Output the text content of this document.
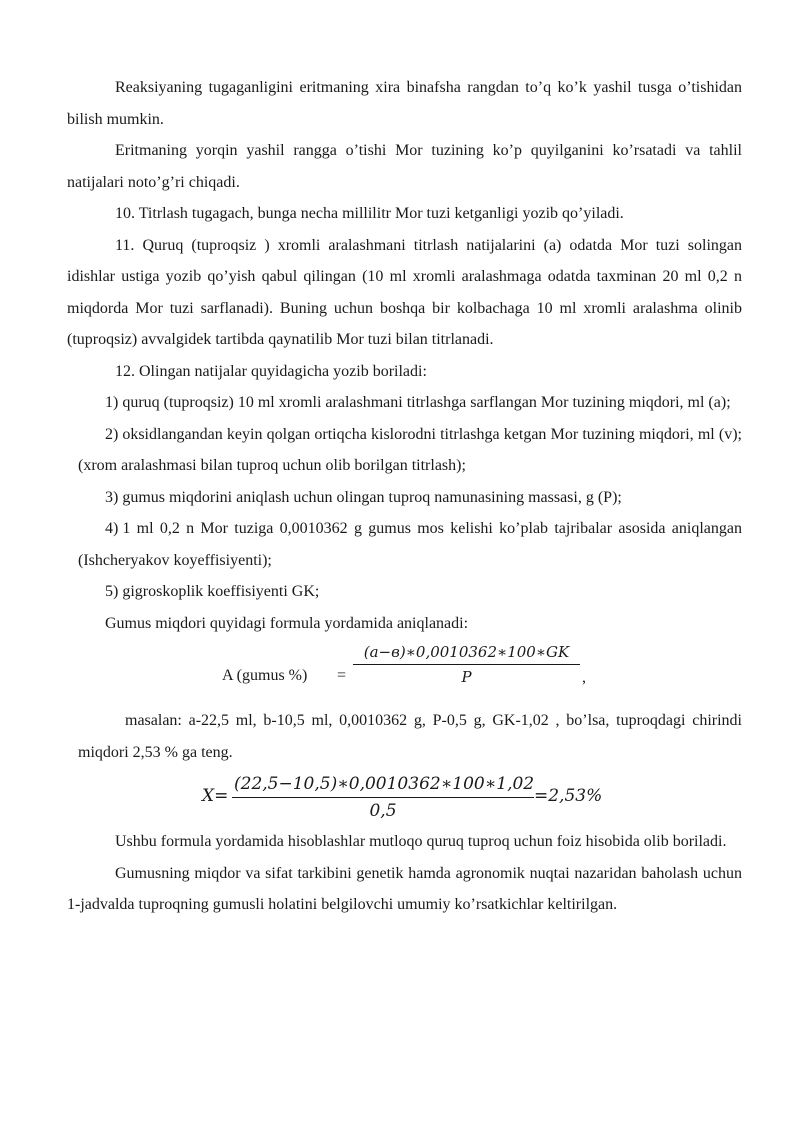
Reaksiyaning tugaganligini eritmaning xira binafsha rangdan to’q ko’k yashil tusga o’tishidan bilish mumkin.

Eritmaning yorqin yashil rangga o’tishi Mor tuzining ko’p quyilganini ko’rsatadi va tahlil natijalari noto’g’ri chiqadi.

10. Titrlash tugagach, bunga necha millilitr Mor tuzi ketganligi yozib qo’yiladi.

11. Quruq (tuproqsiz ) xromli aralashmani titrlash natijalarini (a) odatda Mor tuzi solingan idishlar ustiga yozib qo’yish qabul qilingan (10 ml xromli aralashmaga odatda taxminan 20 ml 0,2 n miqdorda Mor tuzi sarflanadi). Buning uchun boshqa bir kolbachaga 10 ml xromli aralashma olinib (tuproqsiz) avvalgidek tartibda qaynatilib Mor tuzi bilan titrlanadi.

12. Olingan natijalar quyidagicha yozib boriladi:

1) quruq (tuproqsiz) 10 ml xromli aralashmani titrlashga sarflangan Mor tuzining miqdori, ml (a);

2) oksidlangandan keyin qolgan ortiqcha kislorodni titrlashga ketgan Mor tuzining miqdori, ml (v); (xrom aralashmasi bilan tuproq uchun olib borilgan titrlash);

3) gumus miqdorini aniqlash uchun olingan tuproq namunasining massasi, g (P);

4) 1 ml 0,2 n Mor tuziga 0,0010362 g gumus mos kelishi ko’plab tajribalar asosida aniqlangan (Ishcheryakov koyeffisiyenti);

5) gigroskoplik koeffisiyenti GK;

Gumus miqdori quyidagi formula yordamida aniqlanadi:

A (gumus %) =
(а−в)∗0,0010362∗100∗GK
P	,

masalan: a-22,5 ml, b-10,5 ml, 0,0010362 g, P-0,5 g, GK-1,02 , bo’lsa, tuproqdagi chirindi miqdori 2,53 % ga teng.

$X= \frac{(22,5-10,5)∗0,0010362∗100∗1,02}{0,5} =2,53\%$

Ushbu formula yordamida hisoblashlar mutloqo quruq tuproq uchun foiz hisobida olib boriladi.

Gumusning miqdor va sifat tarkibini genetik hamda agronomik nuqtai nazaridan baholash uchun 1-jadvalda tuproqning gumusli holatini belgilovchi umumiy ko’rsatkichlar keltirilgan.
